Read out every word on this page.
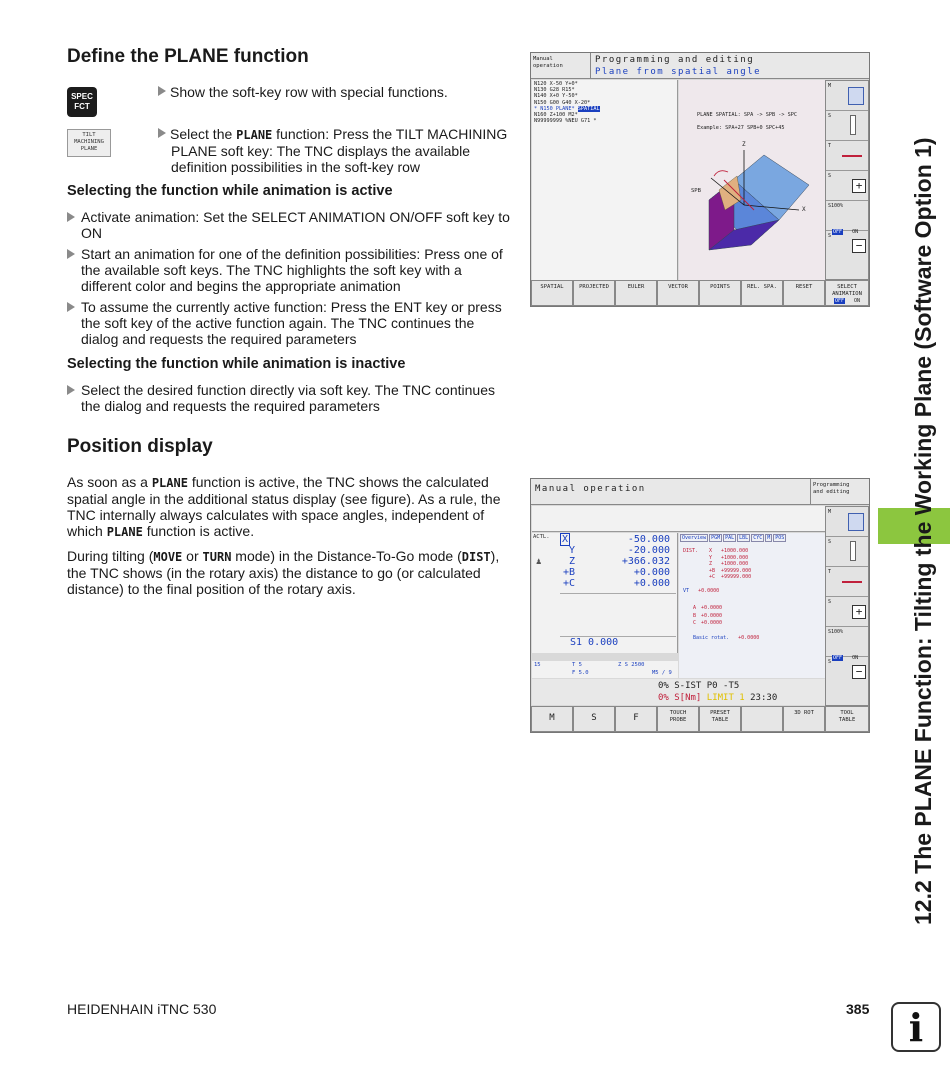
Define the PLANE function
SPEC
FCT
Show the soft-key row with special functions.
TILT
MACHINING
PLANE
Select the PLANE function: Press the TILT MACHINING PLANE soft key: The TNC displays the available definition possibilities in the soft-key row
Selecting the function while animation is active
Activate animation: Set the SELECT ANIMATION ON/OFF soft key to ON
Start an animation for one of the definition possibilities: Press one of the available soft keys. The TNC highlights the soft key with a different color and begins the appropriate animation
To assume the currently active function: Press the ENT key or press the soft key of the active function again. The TNC continues the dialog and requests the required parameters
Selecting the function while animation is inactive
Select the desired function directly via soft key. The TNC continues the dialog and requests the required parameters
Position display
As soon as a PLANE function is active, the TNC shows the calculated spatial angle in the additional status display (see figure). As a rule, the TNC internally always calculates with space angles, independent of which PLANE function is active.
During tilting (MOVE or TURN mode) in the Distance-To-Go mode (DIST), the TNC shows (in the rotary axis) the distance to go (or calculated distance) to the final position of the rotary axis.
Manual
operation
Programming and editing
Plane from spatial angle
N120 X-50 Y+0*
N130 G28 R15*
N140 X+0 Y-50*
N150 G00 G40 X-20*
* N150 PLANE* SPATIAL
N160 Z+100 M2*
N99999999 %NEU G71 *
PLANE SPATIAL: SPA -> SPB -> SPC
Example: SPA+27 SPB+0 SPC+45
Z
X
SPB
M
S
T
S
+
S100%
OFF ON
S
−
SPATIAL	PROJECTED	EULER	VECTOR	POINTS	REL. SPA.	RESET	SELECT
ANIMATION

OFF ON
Manual operation	Programming
and editing
ACTL. X	-50.000
Y	-20.000
Z	+366.032
+B	+0.000
+C	+0.000
♟
S1 0.000
15	T 5	Z S 2500
F 5.0	M5 / 9
Overview	PGM	PAL	LBL	CYC	M	POS
DIST. X +1000.000
Y +1000.000
Z +1000.000
+B +99999.000
+C +99999.000
VT +0.0000
A +0.0000
B +0.0000
C +0.0000
Basic rotat. +0.0000
0% S-IST P0 -T5
0% S[Nm] LIMIT 1 23:30
M
S
T
S
+
S100%
OFF ON
S
−
M	S	F	TOUCH
PROBE
PRESET
TABLE
3D ROT	TOOL
TABLE	12.2 The PLANE Function: Tilting the Working Plane (Software Option 1)
HEIDENHAIN iTNC 530	385	i
